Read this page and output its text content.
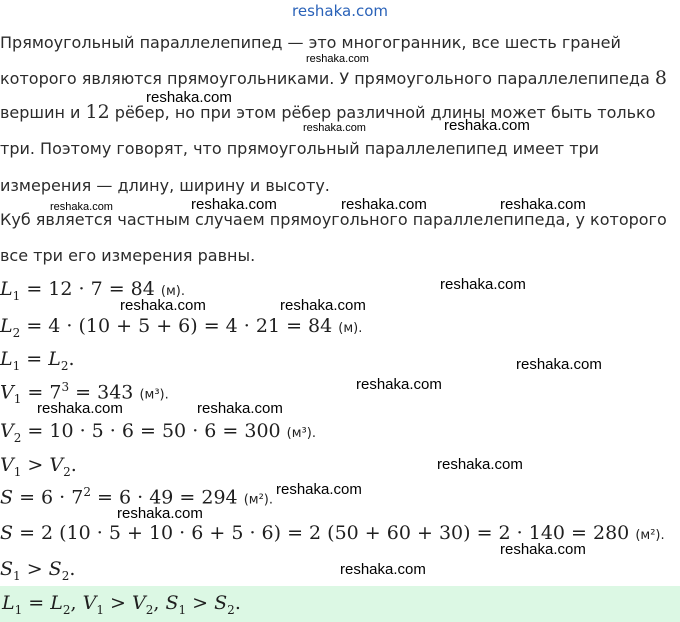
reshaka.com
Прямоугольный параллелепипед — это многогранник, все шесть граней
которого являются прямоугольниками. У прямоугольного параллелепипеда 8
вершин и 12 рёбер, но при этом рёбер различной длины может быть только
три. Поэтому говорят, что прямоугольный параллелепипед имеет три
измерения — длину, ширину и высоту.
Куб является частным случаем прямоугольного параллелепипеда, у которого
все три его измерения равны.
$L_1 = 12 \cdot 7 = 84$ (м).
$L_2 = 4 \cdot (10 + 5 + 6) = 4 \cdot 21 = 84$ (м).
$L_1 = L_2$.
$V_1 = 7^3 = 343$ (м³).
$V_2 = 10 \cdot 5 \cdot 6 = 50 \cdot 6 = 300$ (м³).
$V_1 > V_2$.
$S = 6 \cdot 7^2 = 6 \cdot 49 = 294$ (м²).
S = 2 (10 · 5 + 10 · 6 + 5 · 6) = 2 (50 + 60 + 30) = 2 · 140 = 280 (м²).
$S_1 > S_2$.
$L_1 = L_2$, $V_1 > V_2$, $S_1 > S_2$.
reshaka.com
reshaka.com
reshaka.com	reshaka.com
reshaka.com	reshaka.com	reshaka.com	reshaka.com
reshaka.com
reshaka.com	reshaka.com
reshaka.com
reshaka.com
reshaka.com	reshaka.com
reshaka.com
reshaka.com
reshaka.com
reshaka.com
reshaka.com
